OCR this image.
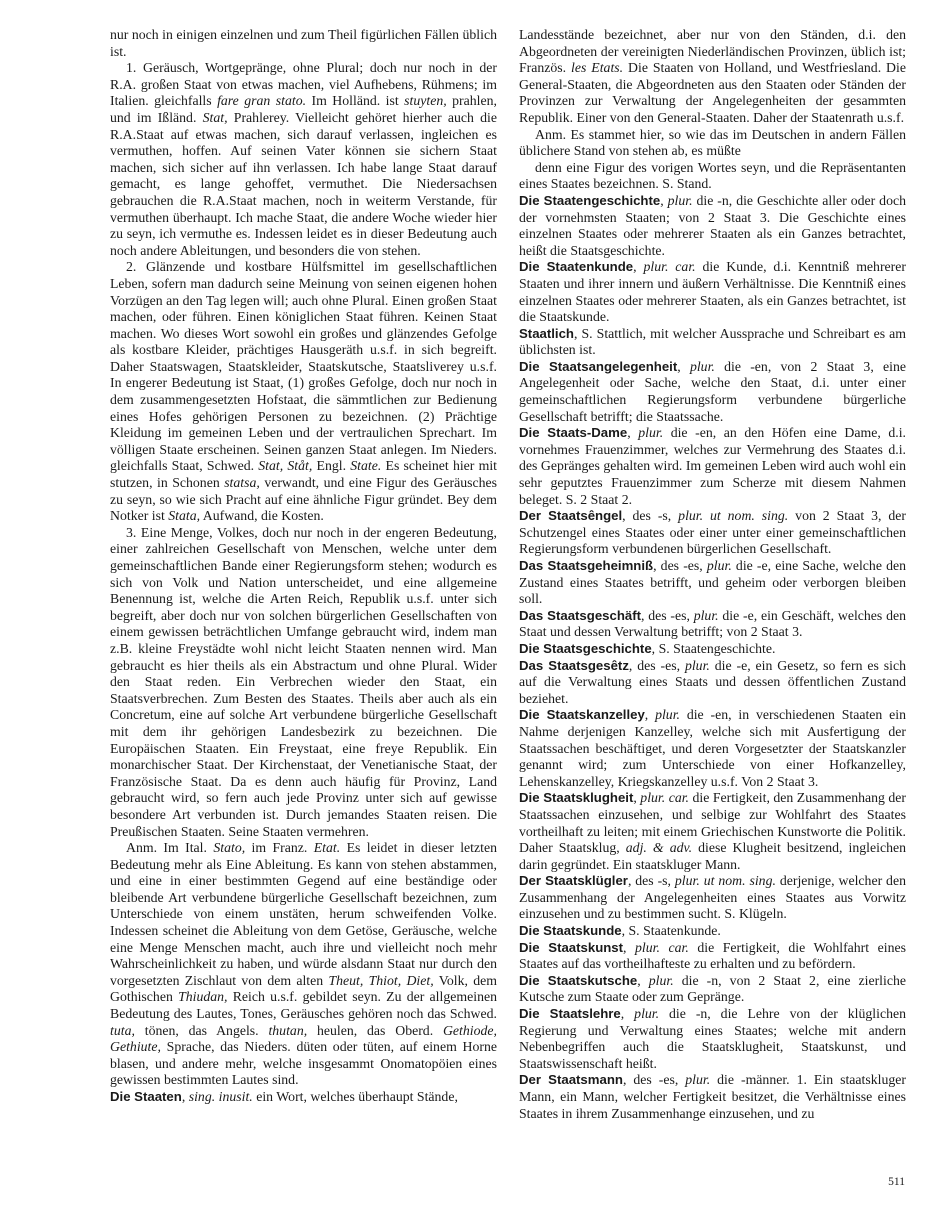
nur noch in einigen einzelnen und zum Theil figürlichen Fällen üblich ist.

1. Geräusch, Wortgepränge, ohne Plural; doch nur noch in der R.A. großen Staat von etwas machen, viel Aufhebens, Rühmens; im Italien. gleichfalls fare gran stato. Im Holländ. ist stuyten, prahlen, und im Ißländ. Stat, Prahlerey. Vielleicht gehöret hierher auch die R.A.Staat auf etwas machen, sich darauf verlassen, ingleichen es vermuthen, hoffen. Auf seinen Vater können sie sichern Staat machen, sich sicher auf ihn verlassen. Ich habe lange Staat darauf gemacht, es lange gehoffet, vermuthet. Die Niedersachsen gebrauchen die R.A.Staat machen, noch in weiterm Verstande, für vermuthen überhaupt. Ich mache Staat, die andere Woche wieder hier zu seyn, ich vermuthe es. Indessen leidet es in dieser Bedeutung auch noch andere Ableitungen, und besonders die von stehen.

2. Glänzende und kostbare Hülfsmittel im gesellschaftlichen Leben, sofern man dadurch seine Meinung von seinen eigenen hohen Vorzügen an den Tag legen will; auch ohne Plural. Einen großen Staat machen, oder führen. Einen königlichen Staat führen. Keinen Staat machen. Wo dieses Wort sowohl ein großes und glänzendes Gefolge als kostbare Kleider, prächtiges Hausgeräth u.s.f. in sich begreift. Daher Staatswagen, Staatskleider, Staatskutsche, Staatsliverey u.s.f. In engerer Bedeutung ist Staat, (1) großes Gefolge, doch nur noch in dem zusammengesetzten Hofstaat, die sämmtlichen zur Bedienung eines Hofes gehörigen Personen zu bezeichnen. (2) Prächtige Kleidung im gemeinen Leben und der vertraulichen Sprechart. Im völligen Staate erscheinen. Seinen ganzen Staat anlegen. Im Nieders. gleichfalls Staat, Schwed. Stat, Ståt, Engl. State. Es scheinet hier mit stutzen, in Schonen statsa, verwandt, und eine Figur des Geräusches zu seyn, so wie sich Pracht auf eine ähnliche Figur gründet. Bey dem Notker ist Stata, Aufwand, die Kosten.

3. Eine Menge, Volkes, doch nur noch in der engeren Bedeutung, einer zahlreichen Gesellschaft von Menschen, welche unter dem gemeinschaftlichen Bande einer Regierungsform stehen; wodurch es sich von Volk und Nation unterscheidet, und eine allgemeine Benennung ist, welche die Arten Reich, Republik u.s.f. unter sich begreift, aber doch nur von solchen bürgerlichen Gesellschaften von einem gewissen beträchtlichen Umfange gebraucht wird, indem man z.B. kleine Freystädte wohl nicht leicht Staaten nennen wird. Man gebraucht es hier theils als ein Abstractum und ohne Plural. Wider den Staat reden. Ein Verbrechen wieder den Staat, ein Staatsverbrechen. Zum Besten des Staates. Theils aber auch als ein Concretum, eine auf solche Art verbundene bürgerliche Gesellschaft mit dem ihr gehörigen Landesbezirk zu bezeichnen. Die Europäischen Staaten. Ein Freystaat, eine freye Republik. Ein monarchischer Staat. Der Kirchenstaat, der Venetianische Staat, der Französische Staat. Da es denn auch häufig für Provinz, Land gebraucht wird, so fern auch jede Provinz unter sich auf gewisse besondere Art verbunden ist. Durch jemandes Staaten reisen. Die Preußischen Staaten. Seine Staaten vermehren.

Anm. Im Ital. Stato, im Franz. Etat. Es leidet in dieser letzten Bedeutung mehr als Eine Ableitung. Es kann von stehen abstammen, und eine in einer bestimmten Gegend auf eine beständige oder bleibende Art verbundene bürgerliche Gesellschaft bezeichnen, zum Unterschiede von einem unstäten, herum schweifenden Volke. Indessen scheinet die Ableitung von dem Getöse, Geräusche, welche eine Menge Menschen macht, auch ihre und vielleicht noch mehr Wahrscheinlichkeit zu haben, und würde alsdann Staat nur durch den vorgesetzten Zischlaut von dem alten Theut, Thiot, Diet, Volk, dem Gothischen Thiudan, Reich u.s.f. gebildet seyn. Zu der allgemeinen Bedeutung des Lautes, Tones, Geräusches gehören noch das Schwed. tuta, tönen, das Angels. thutan, heulen, das Oberd. Gethiode, Gethiute, Sprache, das Nieders. düten oder tüten, auf einem Horne blasen, und andere mehr, welche insgesammt Onomatopöien eines gewissen bestimmten Lautes sind.

Die Staaten, sing. inusit. ein Wort, welches überhaupt Stände,

Landesstände bezeichnet, aber nur von den Ständen, d.i. den Abgeordneten der vereinigten Niederländischen Provinzen, üblich ist; Französ. les Etats. Die Staaten von Holland, und Westfriesland. Die General-Staaten, die Abgeordneten aus den Staaten oder Ständen der Provinzen zur Verwaltung der Angelegenheiten der gesammten Republik. Einer von den General-Staaten. Daher der Staatenrath u.s.f.

Anm. Es stammet hier, so wie das im Deutschen in andern Fällen üblichere Stand von stehen ab, es müßte

denn eine Figur des vorigen Wortes seyn, und die Repräsentanten eines Staates bezeichnen. S. Stand.

Die Staatengeschichte, plur. die -n, die Geschichte aller oder doch der vornehmsten Staaten; von 2 Staat 3. Die Geschichte eines einzelnen Staates oder mehrerer Staaten als ein Ganzes betrachtet, heißt die Staatsgeschichte.

Die Staatenkunde, plur. car. die Kunde, d.i. Kenntniß mehrerer Staaten und ihrer innern und äußern Verhältnisse. Die Kenntniß eines einzelnen Staates oder mehrerer Staaten, als ein Ganzes betrachtet, ist die Staatskunde.

Staatlich, S. Stattlich, mit welcher Aussprache und Schreibart es am üblichsten ist.

Die Staatsangelegenheit, plur. die -en, von 2 Staat 3, eine Angelegenheit oder Sache, welche den Staat, d.i. unter einer gemeinschaftlichen Regierungsform verbundene bürgerliche Gesellschaft betrifft; die Staatssache.

Die Staats-Dame, plur. die -en, an den Höfen eine Dame, d.i. vornehmes Frauenzimmer, welches zur Vermehrung des Staates d.i. des Gepränges gehalten wird. Im gemeinen Leben wird auch wohl ein sehr geputztes Frauenzimmer zum Scherze mit diesem Nahmen beleget. S. 2 Staat 2.

Der Staatsêngel, des -s, plur. ut nom. sing. von 2 Staat 3, der Schutzengel eines Staates oder einer unter einer gemeinschaftlichen Regierungsform verbundenen bürgerlichen Gesellschaft.

Das Staatsgeheimniß, des -es, plur. die -e, eine Sache, welche den Zustand eines Staates betrifft, und geheim oder verborgen bleiben soll.

Das Staatsgeschäft, des -es, plur. die -e, ein Geschäft, welches den Staat und dessen Verwaltung betrifft; von 2 Staat 3.

Die Staatsgeschichte, S. Staatengeschichte.

Das Staatsgesêtz, des -es, plur. die -e, ein Gesetz, so fern es sich auf die Verwaltung eines Staats und dessen öffentlichen Zustand beziehet.

Die Staatskanzelley, plur. die -en, in verschiedenen Staaten ein Nahme derjenigen Kanzelley, welche sich mit Ausfertigung der Staatssachen beschäftiget, und deren Vorgesetzter der Staatskanzler genannt wird; zum Unterschiede von einer Hofkanzelley, Lehenskanzelley, Kriegskanzelley u.s.f. Von 2 Staat 3.

Die Staatsklugheit, plur. car. die Fertigkeit, den Zusammenhang der Staatssachen einzusehen, und selbige zur Wohlfahrt des Staates vortheilhaft zu leiten; mit einem Griechischen Kunstworte die Politik. Daher Staatsklug, adj. & adv. diese Klugheit besitzend, ingleichen darin gegründet. Ein staatskluger Mann.

Der Staatsklügler, des -s, plur. ut nom. sing. derjenige, welcher den Zusammenhang der Angelegenheiten eines Staates aus Vorwitz einzusehen und zu bestimmen sucht. S. Klügeln.

Die Staatskunde, S. Staatenkunde.

Die Staatskunst, plur. car. die Fertigkeit, die Wohlfahrt eines Staates auf das vortheilhafteste zu erhalten und zu befördern.

Die Staatskutsche, plur. die -n, von 2 Staat 2, eine zierliche Kutsche zum Staate oder zum Gepränge.

Die Staatslehre, plur. die -n, die Lehre von der klüglichen Regierung und Verwaltung eines Staates; welche mit andern Nebenbegriffen auch die Staatsklugheit, Staatskunst, und Staatswissenschaft heißt.

Der Staatsmann, des -es, plur. die -männer. 1. Ein staatskluger Mann, ein Mann, welcher Fertigkeit besitzet, die Verhältnisse eines Staates in ihrem Zusammenhange einzusehen, und zu

511
